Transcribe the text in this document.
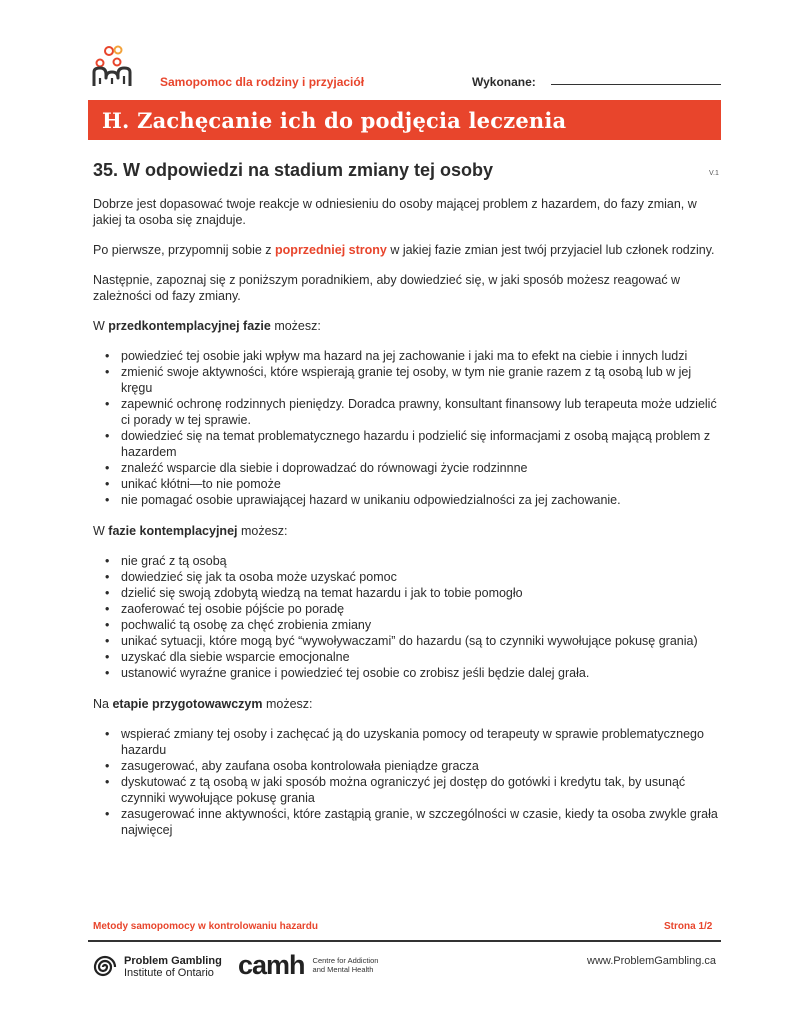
Samopomoc dla rodziny i przyjaciół	Wykonane:
H. Zachęcanie ich do podjęcia leczenia
35. W odpowiedzi na stadium zmiany tej osoby	V.1

Dobrze jest dopasować twoje reakcje w odniesieniu do osoby mającej problem z hazardem, do fazy zmian, w jakiej ta osoba się znajduje.

Po pierwsze, przypomnij sobie z poprzedniej strony w jakiej fazie zmian jest twój przyjaciel lub członek rodziny.

Następnie, zapoznaj się z poniższym poradnikiem, aby dowiedzieć się, w jaki sposób możesz reagować w zależności od fazy zmiany.

W przedkontemplacyjnej fazie możesz:

• powiedzieć tej osobie jaki wpływ ma hazard na jej zachowanie i jaki ma to efekt na ciebie i innych ludzi
• zmienić swoje aktywności, które wspierają granie tej osoby, w tym nie granie razem z tą osobą lub w jej kręgu
• zapewnić ochronę rodzinnych pieniędzy. Doradca prawny, konsultant finansowy lub terapeuta może udzielić ci porady w tej sprawie.
• dowiedzieć się na temat problematycznego hazardu i podzielić się informacjami z osobą mającą problem z hazardem
• znaleźć wsparcie dla siebie i doprowadzać do równowagi życie rodzinnne
• unikać kłótni—to nie pomoże
• nie pomagać osobie uprawiającej hazard w unikaniu odpowiedzialności za jej zachowanie.

W fazie kontemplacyjnej możesz:

• nie grać z tą osobą
• dowiedzieć się jak ta osoba może uzyskać pomoc
• dzielić się swoją zdobytą wiedzą na temat hazardu i jak to tobie pomogło
• zaoferować tej osobie pójście po poradę
• pochwalić tą osobę za chęć zrobienia zmiany
• unikać sytuacji, które mogą być “wywoływaczami” do hazardu (są to czynniki wywołujące pokusę grania)
• uzyskać dla siebie wsparcie emocjonalne
• ustanowić wyraźne granice i powiedzieć tej osobie co zrobisz jeśli będzie dalej grała.

Na etapie przygotowawczym możesz:

• wspierać zmiany tej osoby i zachęcać ją do uzyskania pomocy od terapeuty w sprawie problematycznego hazardu
• zasugerować, aby zaufana osoba kontrolowała pieniądze gracza
• dyskutować z tą osobą w jaki sposób można ograniczyć jej dostęp do gotówki i kredytu tak, by usunąć czynniki wywołujące pokusę grania
• zasugerować inne aktywności, które zastąpią granie, w szczególności w czasie, kiedy ta osoba zwykle grała najwięcej
Metody samopomocy w kontrolowaniu hazardu	Strona 1/2
Problem Gambling
Institute of Ontario camh Centre for Addiction
and Mental Health
www.ProblemGambling.ca
